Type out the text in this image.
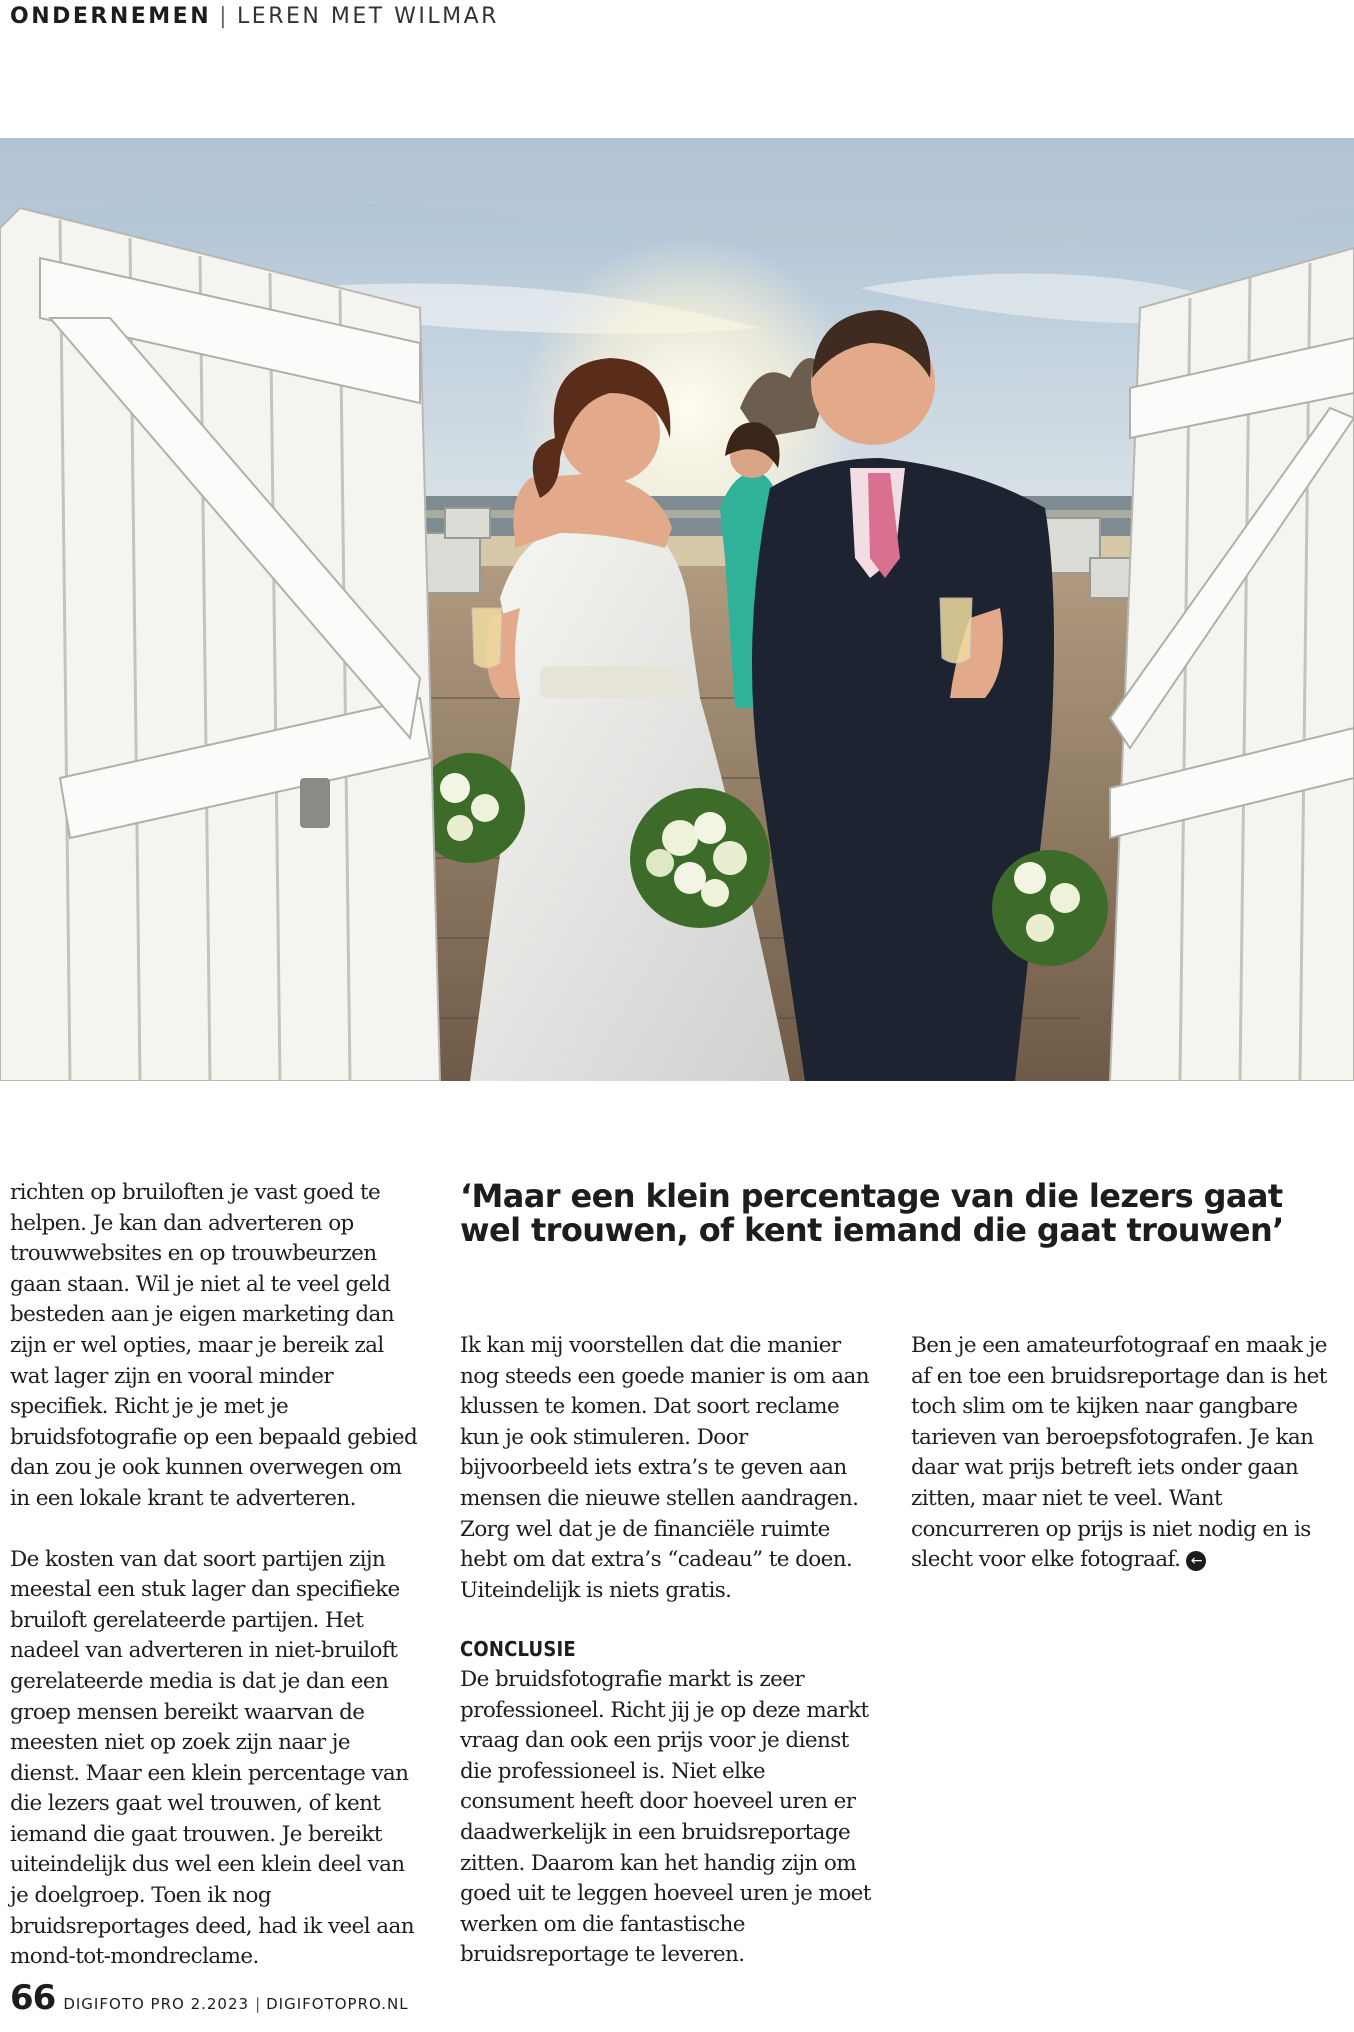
ONDERNEMEN | LEREN MET WILMAR

richten op bruiloften je vast goed te helpen. Je kan dan adverteren op trouwwebsites en op trouwbeurzen gaan staan. Wil je niet al te veel geld besteden aan je eigen marketing dan zijn er wel opties, maar je bereik zal wat lager zijn en vooral minder specifiek. Richt je je met je bruidsfotografie op een bepaald gebied dan zou je ook kunnen overwegen om in een lokale krant te adverteren.

De kosten van dat soort partijen zijn meestal een stuk lager dan specifieke bruiloft gerelateerde partijen. Het nadeel van adverteren in niet-bruiloft gerelateerde media is dat je dan een groep mensen bereikt waarvan de meesten niet op zoek zijn naar je dienst. Maar een klein percentage van die lezers gaat wel trouwen, of kent iemand die gaat trouwen. Je bereikt uiteindelijk dus wel een klein deel van je doelgroep. Toen ik nog bruidsreportages deed, had ik veel aan mond-tot-mondreclame.

‘Maar een klein percentage van die lezers gaat wel trouwen, of kent iemand die gaat trouwen’

Ik kan mij voorstellen dat die manier nog steeds een goede manier is om aan klussen te komen. Dat soort reclame kun je ook stimuleren. Door bijvoorbeeld iets extra’s te geven aan mensen die nieuwe stellen aandragen. Zorg wel dat je de financiële ruimte hebt om dat extra’s “cadeau” te doen. Uiteindelijk is niets gratis.

CONCLUSIE

De bruidsfotografie markt is zeer professioneel. Richt jij je op deze markt vraag dan ook een prijs voor je dienst die professioneel is. Niet elke consument heeft door hoeveel uren er daadwerkelijk in een bruidsreportage zitten. Daarom kan het handig zijn om goed uit te leggen hoeveel uren je moet werken om die fantastische bruidsreportage te leveren.

Ben je een amateurfotograaf en maak je af en toe een bruidsreportage dan is het toch slim om te kijken naar gangbare tarieven van beroepsfotografen. Je kan daar wat prijs betreft iets onder gaan zitten, maar niet te veel. Want concurreren op prijs is niet nodig en is slecht voor elke fotograaf. ←

66 DIGIFOTO PRO 2.2023 | DIGIFOTOPRO.NL
